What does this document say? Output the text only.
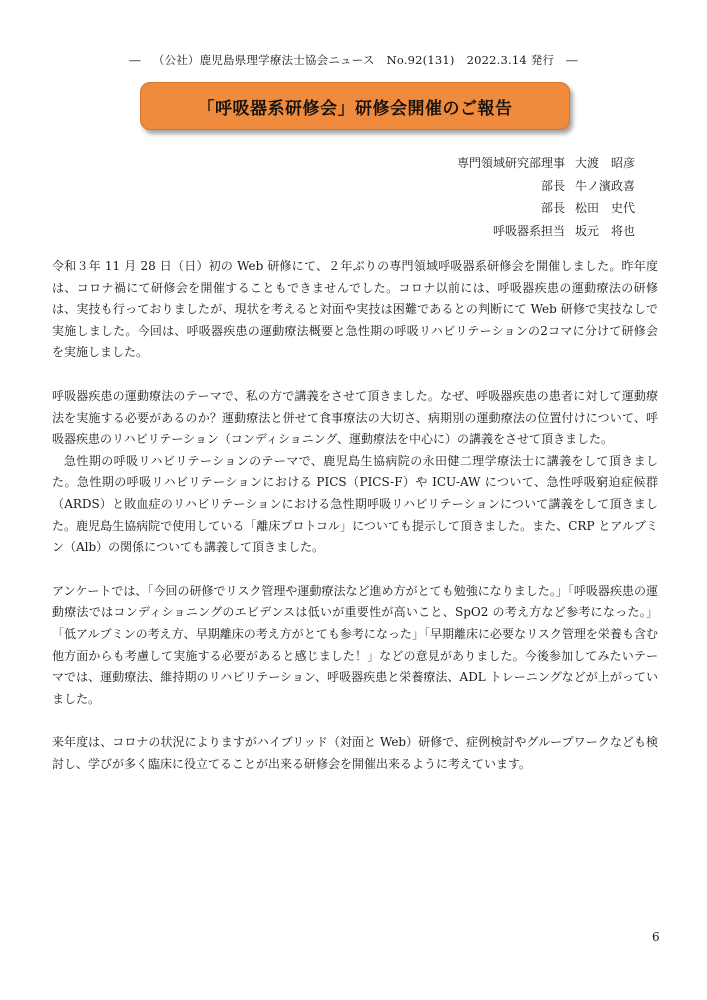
― （公社）鹿児島県理学療法士協会ニュース No.92(131) 2022.3.14 発行 ―
「呼吸器系研修会」研修会開催のご報告
専門領域研究部理事 大渡　昭彦
部長 牛ノ濱政喜
部長 松田　史代
呼吸器系担当 坂元　将也

令和３年 11 月 28 日（日）初の Web 研修にて、２年ぶりの専門領域呼吸器系研修会を開催しました。昨年度は、コロナ禍にて研修会を開催することもできませんでした。コロナ以前には、呼吸器疾患の運動療法の研修は、実技も行っておりましたが、現状を考えると対面や実技は困難であるとの判断にて Web 研修で実技なしで実施しました。今回は、呼吸器疾患の運動療法概要と急性期の呼吸リハビリテーションの2コマに分けて研修会を実施しました。

呼吸器疾患の運動療法のテーマで、私の方で講義をさせて頂きました。なぜ、呼吸器疾患の患者に対して運動療法を実施する必要があるのか？運動療法と併せて食事療法の大切さ、病期別の運動療法の位置付けについて、呼吸器疾患のリハビリテーション（コンディショニング、運動療法を中心に）の講義をさせて頂きました。

急性期の呼吸リハビリテーションのテーマで、鹿児島生協病院の永田健二理学療法士に講義をして頂きました。急性期の呼吸リハビリテーションにおける PICS（PICS-F）や ICU-AW について、急性呼吸窮迫症候群（ARDS）と敗血症のリハビリテーションにおける急性期呼吸リハビリテーションについて講義をして頂きました。鹿児島生協病院で使用している「離床プロトコル」についても提示して頂きました。また、CRP とアルブミン（Alb）の関係についても講義して頂きました。

アンケートでは、「今回の研修でリスク管理や運動療法など進め方がとても勉強になりました。」「呼吸器疾患の運動療法ではコンディショニングのエビデンスは低いが重要性が高いこと、SpO2 の考え方など参考になった。」「低アルブミンの考え方、早期離床の考え方がとても参考になった」「早期離床に必要なリスク管理を栄養も含む他方面からも考慮して実施する必要があると感じました！」などの意見がありました。今後参加してみたいテーマでは、運動療法、維持期のリハビリテーション、呼吸器疾患と栄養療法、ADL トレーニングなどが上がっていました。

来年度は、コロナの状況によりますがハイブリッド（対面と Web）研修で、症例検討やグループワークなども検討し、学びが多く臨床に役立てることが出来る研修会を開催出来るように考えています。

6
